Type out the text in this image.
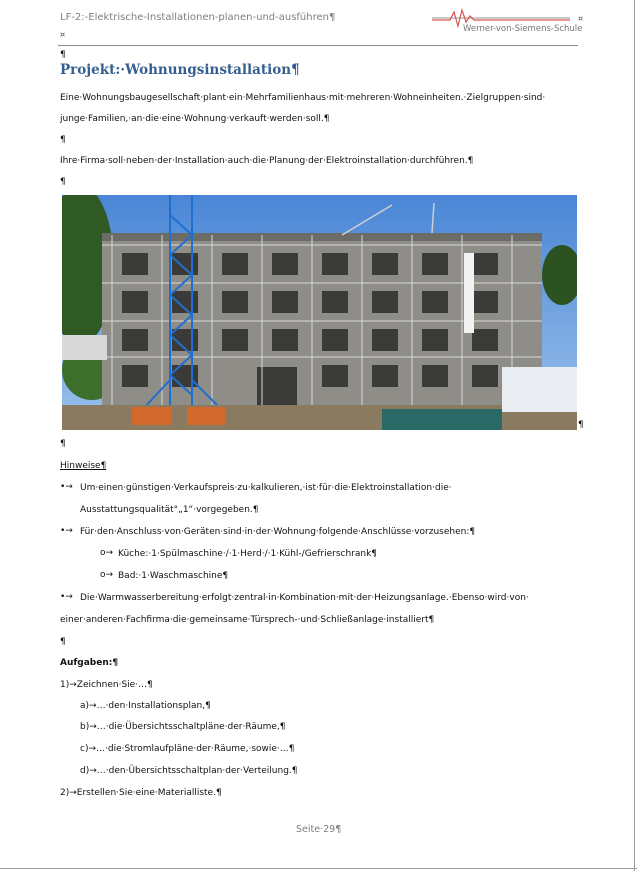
LF-2:-Elektrische-Installationen-planen-und-ausführen¶
¤
¤
Werner-von-Siemens-Schule
¶
Projekt:·Wohnungsinstallation¶
Eine·Wohnungsbaugesellschaft·plant·ein·Mehrfamilienhaus·mit·mehreren·Wohneinheiten.·Zielgruppen·sind·
junge·Familien,·an·die·eine·Wohnung·verkauft·werden·soll.¶
¶
Ihre·Firma·soll·neben·der·Installation·auch·die·Planung·der·Elektroinstallation·durchführen.¶
¶
¶
¶
Hinweise¶
•→ Um·einen·günstigen·Verkaufspreis·zu·kalkulieren,·ist·für·die·Elektroinstallation·die·
Ausstattungsqualität°„1“·vorgegeben.¶
•→ Für·den·Anschluss·von·Geräten·sind·in·der·Wohnung·folgende·Anschlüsse·vorzusehen:¶
o→ Küche:·1·Spülmaschine·/·1·Herd·/·1·Kühl-/Gefrierschrank¶
o→ Bad:·1·Waschmaschine¶
•→ Die·Warmwasserbereitung·erfolgt·zentral·in·Kombination·mit·der·Heizungsanlage.·Ebenso·wird·von·
einer·anderen·Fachfirma·die·gemeinsame·Türsprech-·und·Schließanlage·installiert¶
¶
Aufgaben:¶
1)→Zeichnen·Sie·…¶
a)→…·den·Installationsplan,¶
b)→…·die·Übersichtsschaltpläne·der·Räume,¶
c)→…·die·Stromlaufpläne·der·Räume,·sowie·…¶
d)→…·den·Übersichtsschaltplan·der·Verteilung.¶
2)→Erstellen·Sie·eine·Materialliste.¶
Seite·29¶
